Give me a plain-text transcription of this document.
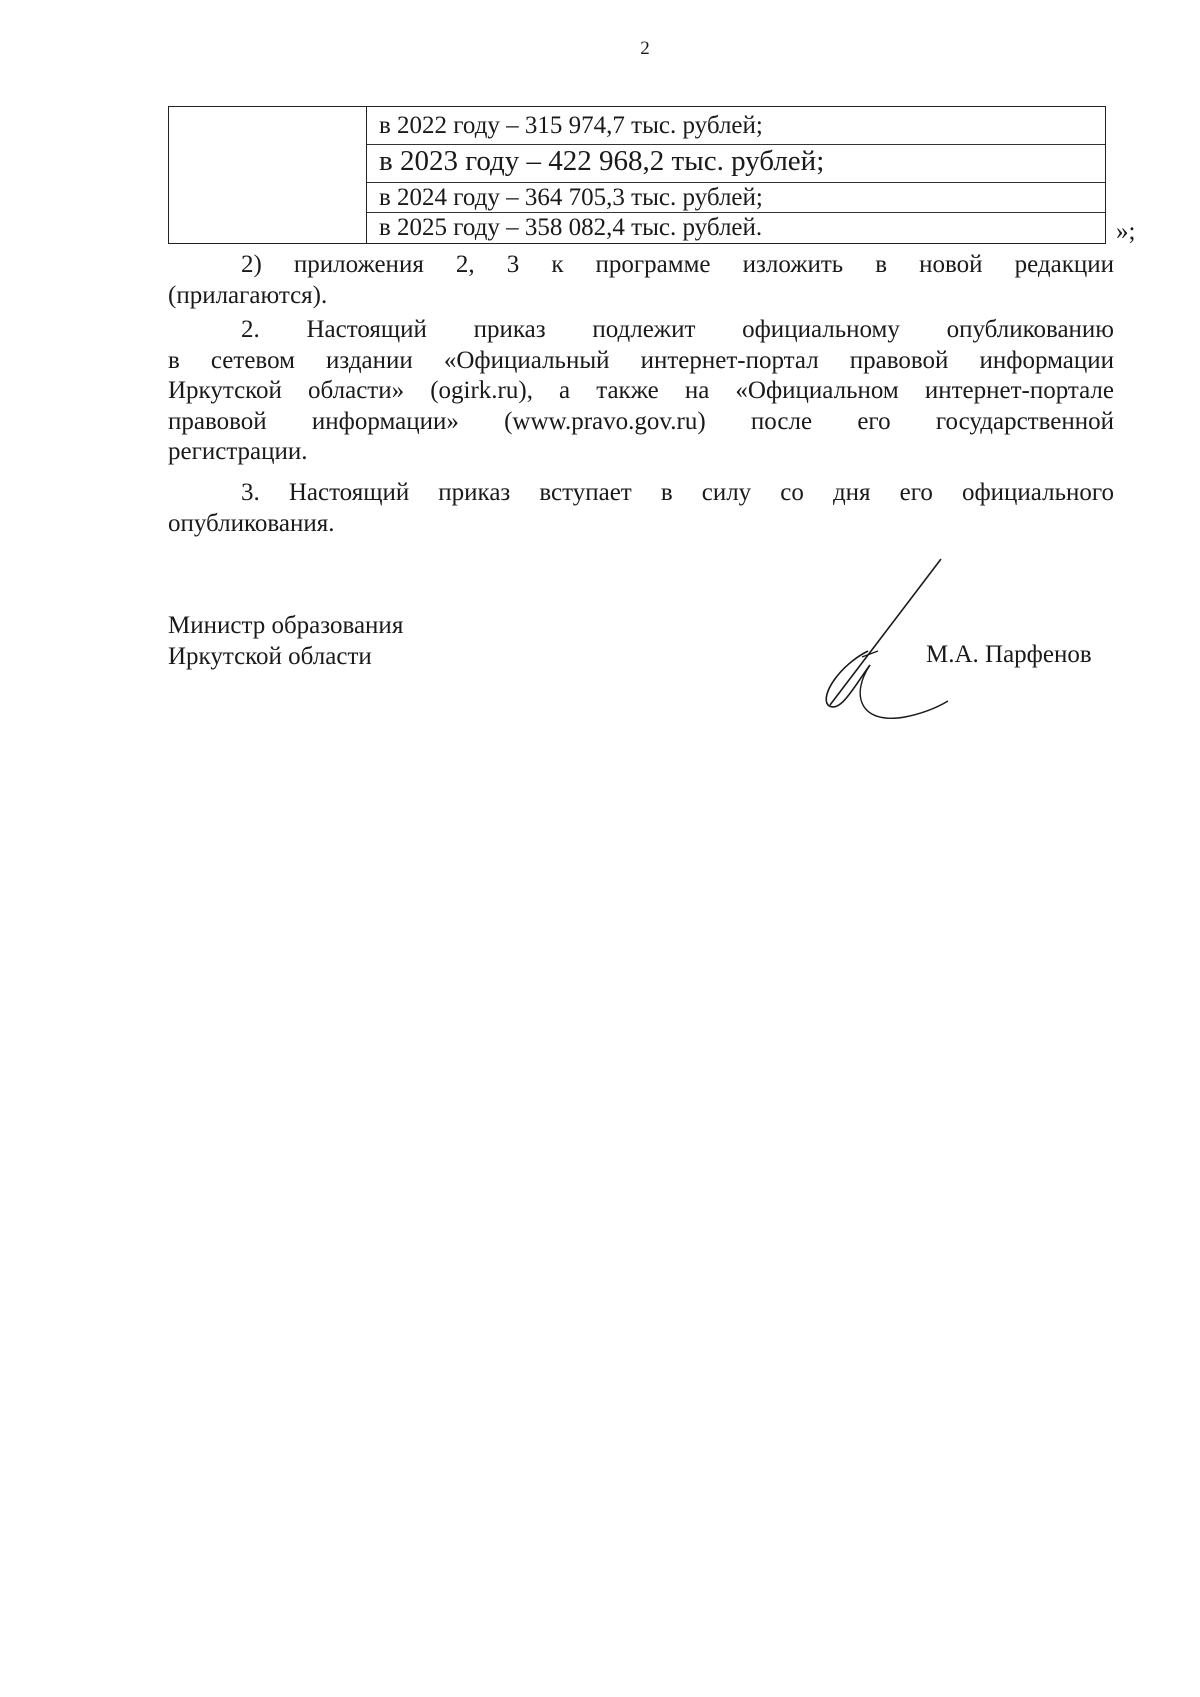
2
в 2022 году – 315 974,7 тыс. рублей;
в 2023 году – 422 968,2 тыс. рублей;
в 2024 году – 364 705,3 тыс. рублей;
в 2025 году – 358 082,4 тыс. рублей.	»;
2) приложения 2, 3 к программе изложить в новой редакции
(прилагаются).
2. Настоящий приказ подлежит официальному опубликованию
в сетевом издании «Официальный интернет-портал правовой информации
Иркутской области» (ogirk.ru), а также на «Официальном интернет-портале
правовой информации» (www.pravo.gov.ru) после его государственной
регистрации.
3. Настоящий приказ вступает в силу со дня его официального
опубликования.
Министр образования
Иркутской области	М.А. Парфенов
